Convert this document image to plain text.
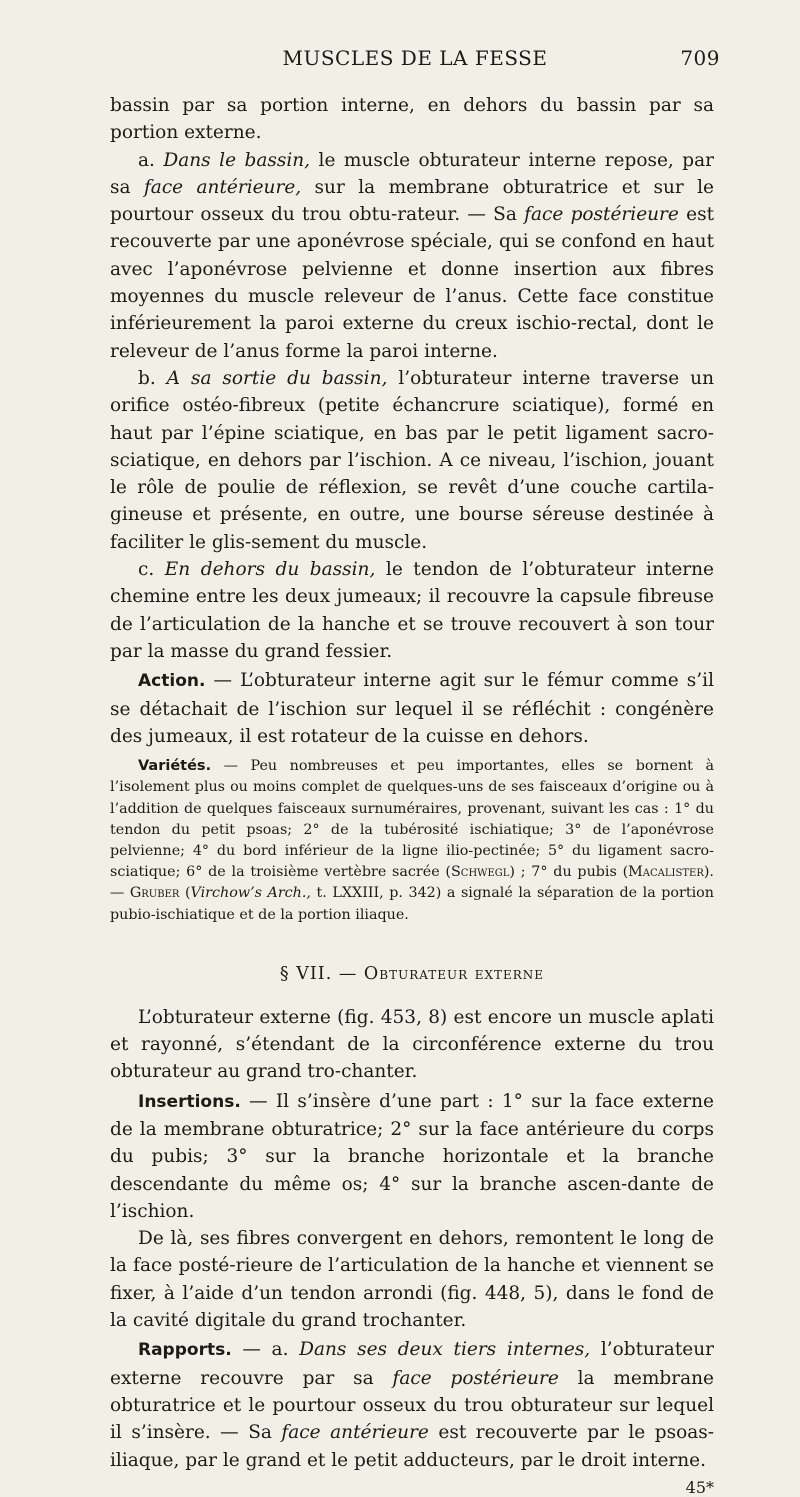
MUSCLES DE LA FESSE	709

bassin par sa portion interne, en dehors du bassin par sa portion externe.

a. Dans le bassin, le muscle obturateur interne repose, par sa face antérieure, sur la membrane obturatrice et sur le pourtour osseux du trou obtu-rateur. — Sa face postérieure est recouverte par une aponévrose spéciale, qui se confond en haut avec l’aponévrose pelvienne et donne insertion aux fibres moyennes du muscle releveur de l’anus. Cette face constitue inférieurement la paroi externe du creux ischio-rectal, dont le releveur de l’anus forme la paroi interne.

b. A sa sortie du bassin, l’obturateur interne traverse un orifice ostéo-fibreux (petite échancrure sciatique), formé en haut par l’épine sciatique, en bas par le petit ligament sacro-sciatique, en dehors par l’ischion. A ce niveau, l’ischion, jouant le rôle de poulie de réflexion, se revêt d’une couche cartila-gineuse et présente, en outre, une bourse séreuse destinée à faciliter le glis-sement du muscle.

c. En dehors du bassin, le tendon de l’obturateur interne chemine entre les deux jumeaux; il recouvre la capsule fibreuse de l’articulation de la hanche et se trouve recouvert à son tour par la masse du grand fessier.

Action. — L’obturateur interne agit sur le fémur comme s’il se détachait de l’ischion sur lequel il se réfléchit : congénère des jumeaux, il est rotateur de la cuisse en dehors.

Variétés. — Peu nombreuses et peu importantes, elles se bornent à l’isolement plus ou moins complet de quelques-uns de ses faisceaux d’origine ou à l’addition de quelques faisceaux surnuméraires, provenant, suivant les cas : 1° du tendon du petit psoas; 2° de la tubérosité ischiatique; 3° de l’aponévrose pelvienne; 4° du bord inférieur de la ligne ilio-pectinée; 5° du ligament sacro-sciatique; 6° de la troisième vertèbre sacrée (Schwegl) ; 7° du pubis (Macalister). — Gruber (Virchow’s Arch., t. LXXIII, p. 342) a signalé la séparation de la portion pubio-ischiatique et de la portion iliaque.

§ VII. — Obturateur externe

L’obturateur externe (fig. 453, 8) est encore un muscle aplati et rayonné, s’étendant de la circonférence externe du trou obturateur au grand tro-chanter.

Insertions. — Il s’insère d’une part : 1° sur la face externe de la membrane obturatrice; 2° sur la face antérieure du corps du pubis; 3° sur la branche horizontale et la branche descendante du même os; 4° sur la branche ascen-dante de l’ischion.

De là, ses fibres convergent en dehors, remontent le long de la face posté-rieure de l’articulation de la hanche et viennent se fixer, à l’aide d’un tendon arrondi (fig. 448, 5), dans le fond de la cavité digitale du grand trochanter.

Rapports. — a. Dans ses deux tiers internes, l’obturateur externe recouvre par sa face postérieure la membrane obturatrice et le pourtour osseux du trou obturateur sur lequel il s’insère. — Sa face antérieure est recouverte par le psoas-iliaque, par le grand et le petit adducteurs, par le droit interne.

45*
